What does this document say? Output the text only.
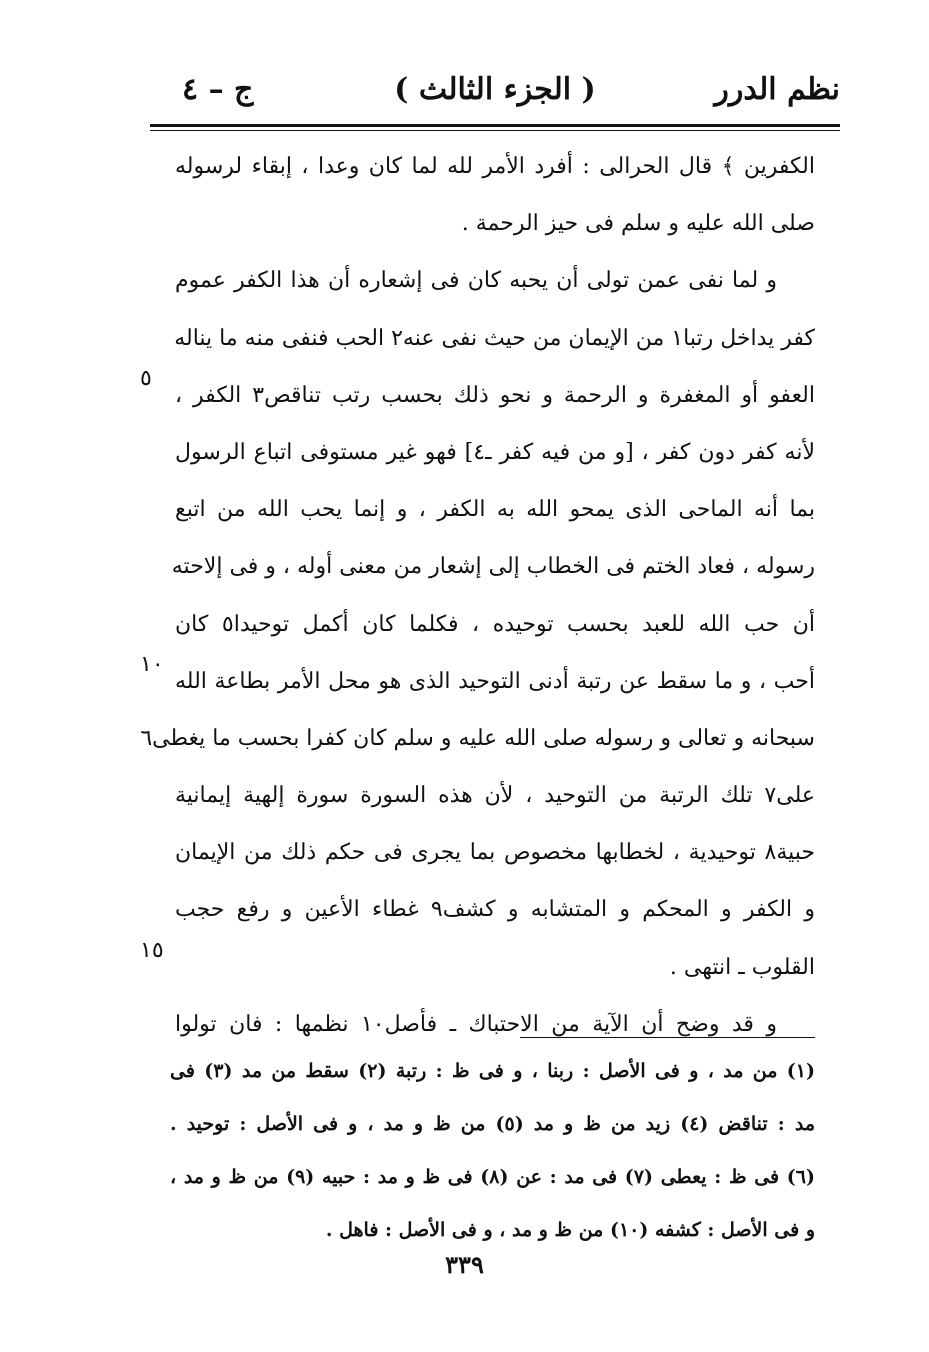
نظم الدرر
( الجزء الثالث )
ج – ٤
الكفرين ﴾ قال الحرالى : أفرد الأمر لله لما كان وعدا ، إبقاء لرسوله
صلى الله عليه و سلم فى حيز الرحمة .
و لما نفى عمن تولى أن يحبه كان فى إشعاره أن هذا الكفر عموم
كفر يداخل رتبا١ من الإيمان من حيث نفى عنه٢ الحب فنفى منه ما يناله
العفو أو المغفرة و الرحمة و نحو ذلك بحسب رتب تناقص٣ الكفر ،
لأنه كفر دون كفر ، [و من فيه كفر ـ٤] فهو غير مستوفى اتباع الرسول
بما أنه الماحى الذى يمحو الله به الكفر ، و إنما يحب الله من اتبع
رسوله ، فعاد الختم فى الخطاب إلى إشعار من معنى أوله ، و فى إلاحته
أن حب الله للعبد بحسب توحيده ، فكلما كان أكمل توحيدا٥ كان
أحب ، و ما سقط عن رتبة أدنى التوحيد الذى هو محل الأمر بطاعة الله
سبحانه و تعالى و رسوله صلى الله عليه و سلم كان كفرا بحسب ما يغطى٦
على٧ تلك الرتبة من التوحيد ، لأن هذه السورة سورة إلهية إيمانية
حبية٨ توحيدية ، لخطابها مخصوص بما يجرى فى حكم ذلك من الإيمان
و الكفر و المحكم و المتشابه و كشف٩ غطاء الأعين و رفع حجب
القلوب ـ انتهى .
و قد وضح أن الآية من الاحتباك ـ فأصل١٠ نظمها : فان تولوا
٥
١٠
١٥
(١) من مد ، و فى الأصل : ربنا ، و فى ظ : رتبة (٢) سقط من مد (٣) فى
مد : تناقض (٤) زيد من ظ و مد (٥) من ظ و مد ، و فى الأصل : توحيد .
(٦) فى ظ : يعطى (٧) فى مد : عن (٨) فى ظ و مد : حبيه (٩) من ظ و مد ،
و فى الأصل : كشفه (١٠) من ظ و مد ، و فى الأصل : فاهل .
٣٣٩
